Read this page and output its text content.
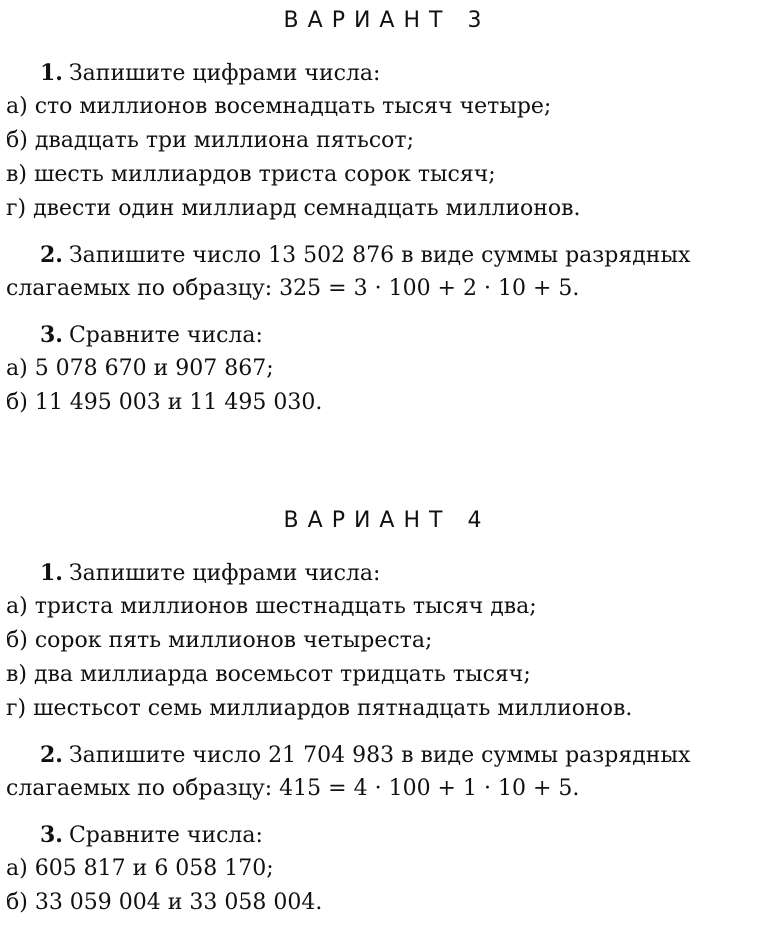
ВАРИАНТ 3
1. Запишите цифрами числа:
а) сто миллионов восемнадцать тысяч четыре;
б) двадцать три миллиона пятьсот;
в) шесть миллиардов триста сорок тысяч;
г) двести один миллиард семнадцать миллионов.
2. Запишите число 13 502 876 в виде суммы разрядных
слагаемых по образцу: 325 = 3 · 100 + 2 · 10 + 5.
3. Сравните числа:
а) 5 078 670 и 907 867;
б) 11 495 003 и 11 495 030.
ВАРИАНТ 4
1. Запишите цифрами числа:
а) триста миллионов шестнадцать тысяч два;
б) сорок пять миллионов четыреста;
в) два миллиарда восемьсот тридцать тысяч;
г) шестьсот семь миллиардов пятнадцать миллионов.
2. Запишите число 21 704 983 в виде суммы разрядных
слагаемых по образцу: 415 = 4 · 100 + 1 · 10 + 5.
3. Сравните числа:
а) 605 817 и 6 058 170;
б) 33 059 004 и 33 058 004.
